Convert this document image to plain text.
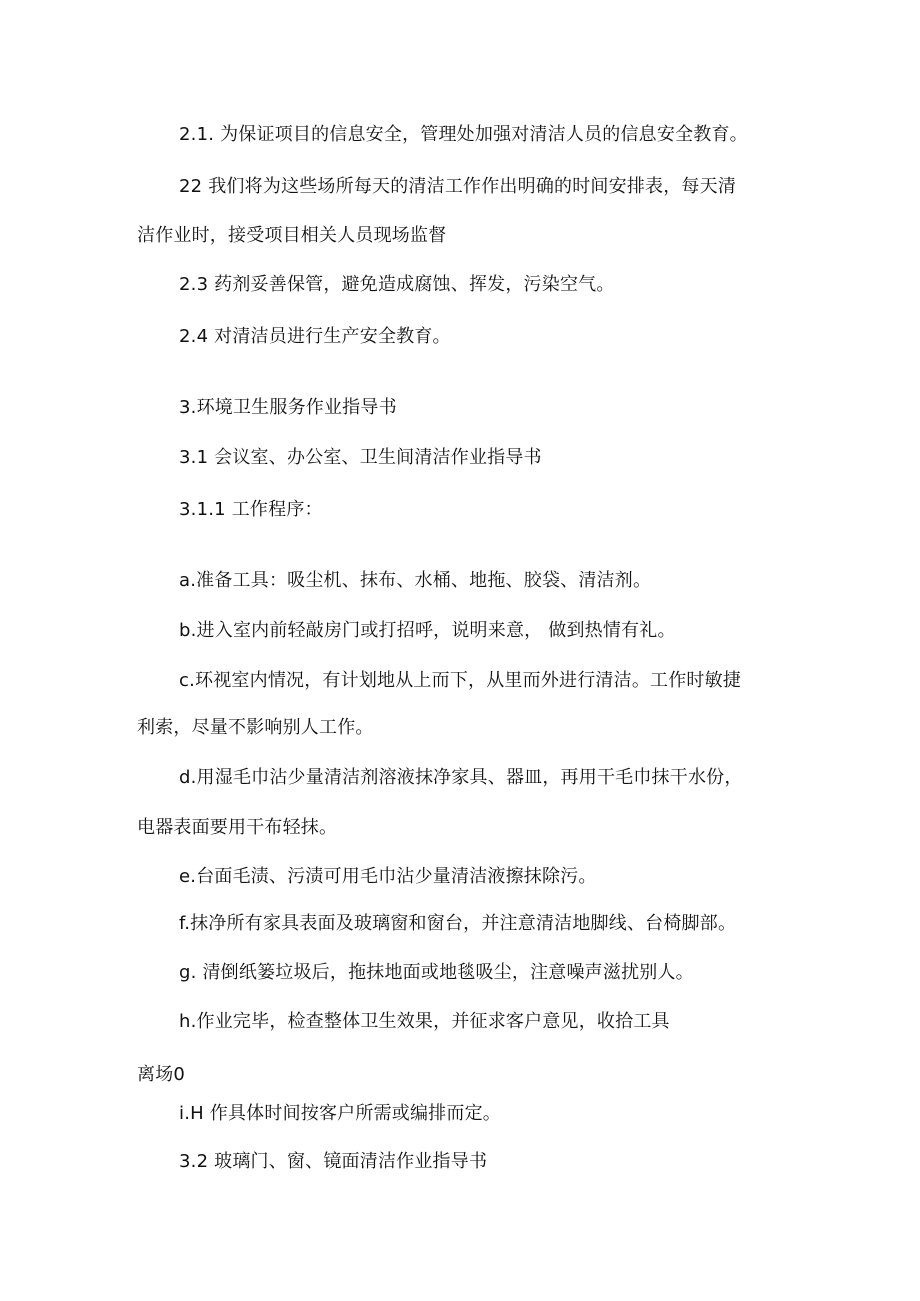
2.1. 为保证项目的信息安全，管理处加强对清洁人员的信息安全教育。
22 我们将为这些场所每天的清洁工作作出明确的时间安排表，每天清
洁作业时，接受项目相关人员现场监督
2.3 药剂妥善保管，避免造成腐蚀、挥发，污染空气。
2.4 对清洁员进行生产安全教育。
3.环境卫生服务作业指导书
3.1 会议室、办公室、卫生间清洁作业指导书
3.1.1 工作程序：
a.准备工具：吸尘机、抹布、水桶、地拖、胶袋、清洁剂。
b.进入室内前轻敲房门或打招呼，说明来意， 做到热情有礼。
c.环视室内情况，有计划地从上而下，从里而外进行清洁。工作时敏捷
利索，尽量不影响别人工作。
d.用湿毛巾沾少量清洁剂溶液抹净家具、器皿，再用干毛巾抹干水份，
电器表面要用干布轻抹。
e.台面毛渍、污渍可用毛巾沾少量清洁液擦抹除污。
f.抹净所有家具表面及玻璃窗和窗台，并注意清洁地脚线、台椅脚部。
g. 清倒纸篓垃圾后，拖抹地面或地毯吸尘，注意噪声滋扰别人。
h.作业完毕，检查整体卫生效果，并征求客户意见，收拾工具
离场0
i.H 作具体时间按客户所需或编排而定。
3.2 玻璃门、窗、镜面清洁作业指导书
